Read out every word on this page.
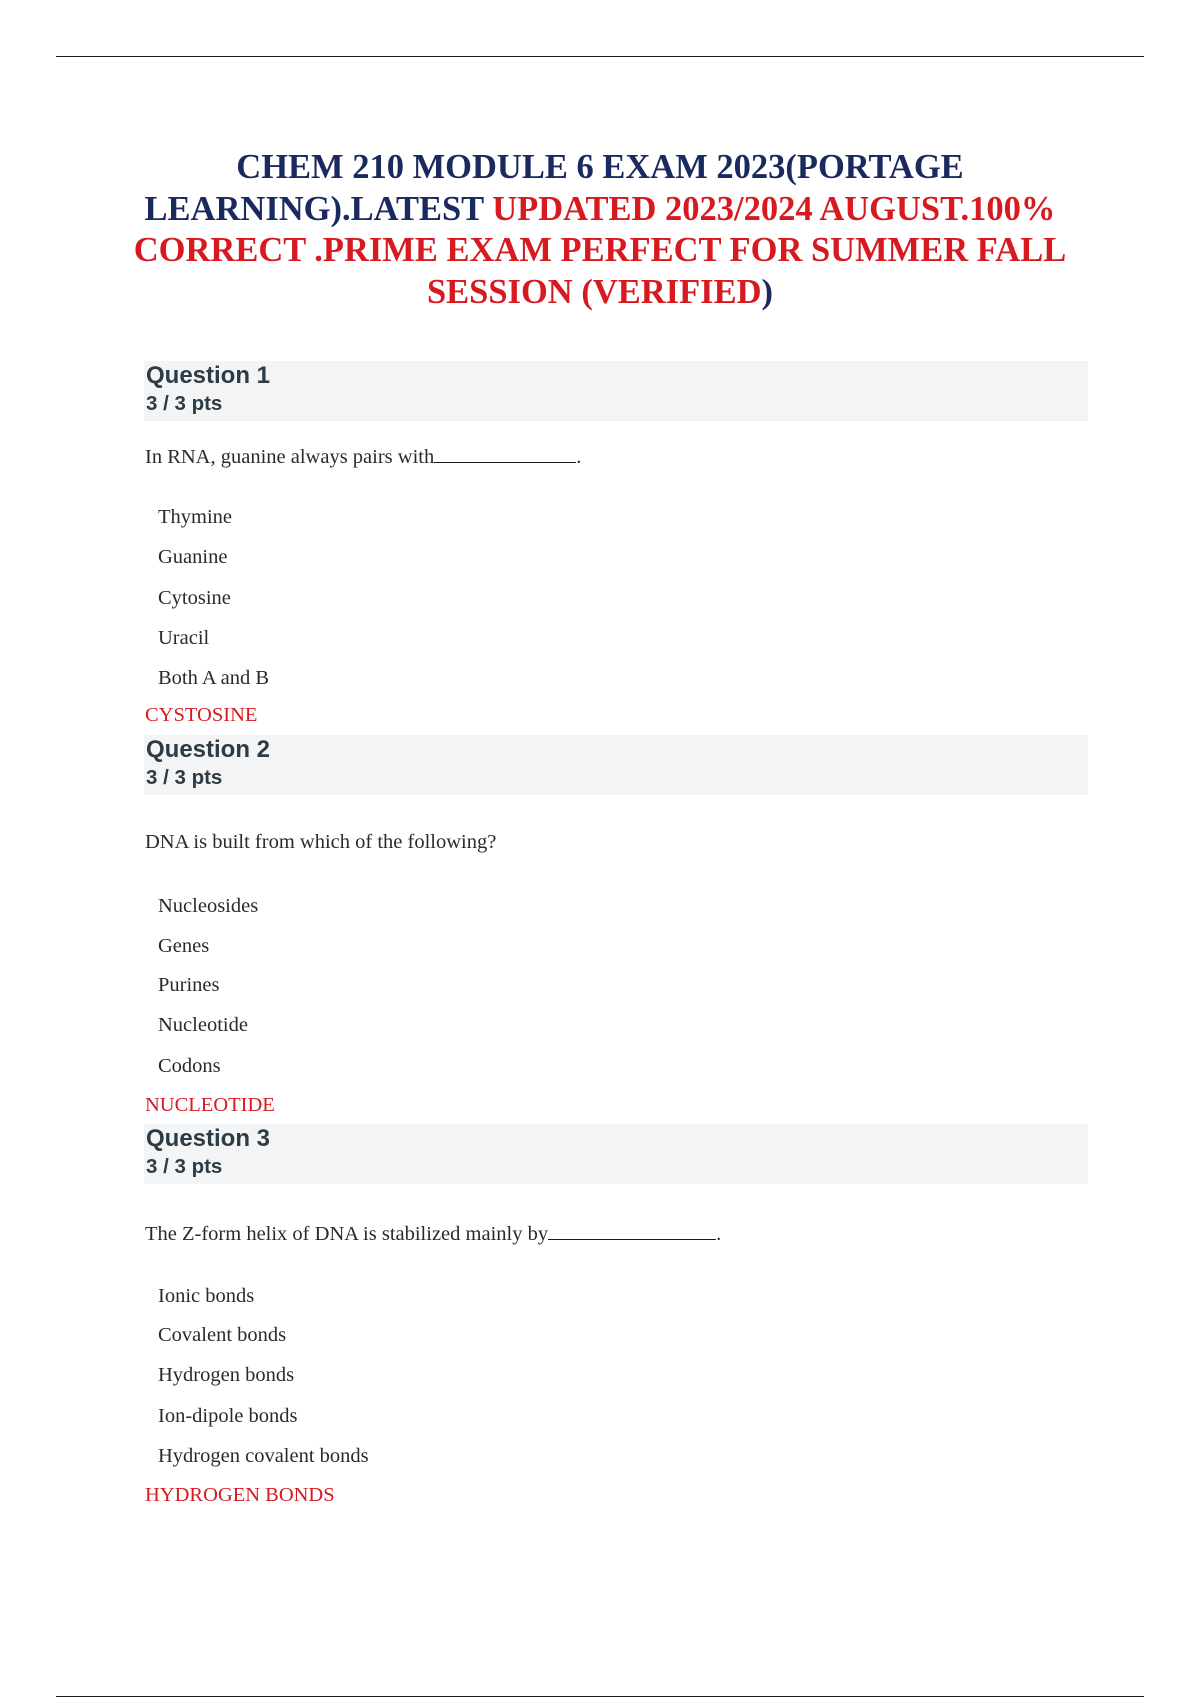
CHEM 210 MODULE 6 EXAM 2023(PORTAGE LEARNING).LATEST UPDATED 2023/2024 AUGUST.100% CORRECT .PRIME EXAM PERFECT FOR SUMMER FALL SESSION (VERIFIED)
Question 1
3 / 3 pts
In RNA, guanine always pairs with	.
Thymine
Guanine
Cytosine
Uracil
Both A and B
CYSTOSINE
Question 2
3 / 3 pts
DNA is built from which of the following?
Nucleosides
Genes
Purines
Nucleotide
Codons
NUCLEOTIDE
Question 3
3 / 3 pts
The Z-form helix of DNA is stabilized mainly by	.
Ionic bonds
Covalent bonds
Hydrogen bonds
Ion-dipole bonds
Hydrogen covalent bonds
HYDROGEN BONDS
